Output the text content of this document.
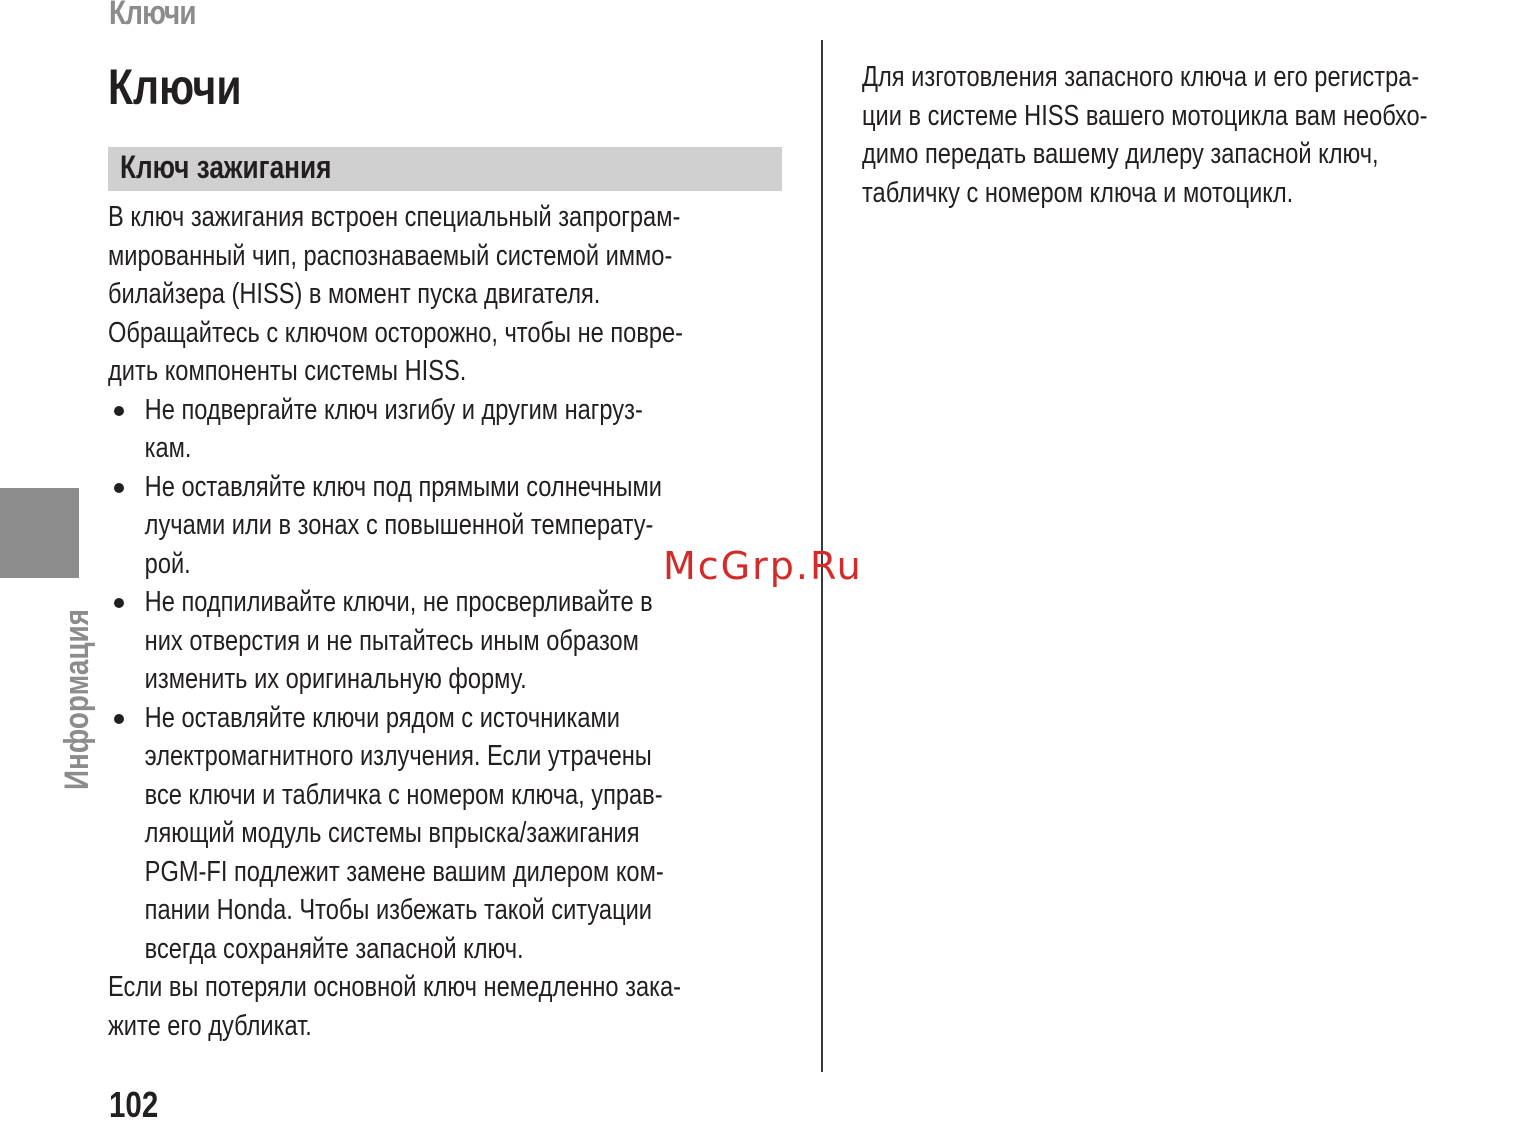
Ключи
Ключи
Ключ зажигания
В ключ зажигания встроен специальный запрограм-
мированный чип, распознаваемый системой иммо-
билайзера (HISS) в момент пуска двигателя.
Обращайтесь с ключом осторожно, чтобы не повре-
дить компоненты системы HISS.
Не подвергайте ключ изгибу и другим нагруз-
кам.
Не оставляйте ключ под прямыми солнечными
лучами или в зонах с повышенной температу-
рой.
Не подпиливайте ключи, не просверливайте в
них отверстия и не пытайтесь иным образом
изменить их оригинальную форму.
Не оставляйте ключи рядом с источниками
электромагнитного излучения. Если утрачены
все ключи и табличка с номером ключа, управ-
ляющий модуль системы впрыска/зажигания
PGM-FI подлежит замене вашим дилером ком-
пании Honda. Чтобы избежать такой ситуации
всегда сохраняйте запасной ключ.
Если вы потеряли основной ключ немедленно зака-
жите его дубликат.
Для изготовления запасного ключа и его регистра-
ции в системе HISS вашего мотоцикла вам необхо-
димо передать вашему дилеру запасной ключ,
табличку с номером ключа и мотоцикл.
Информация
102
McGrp.Ru
